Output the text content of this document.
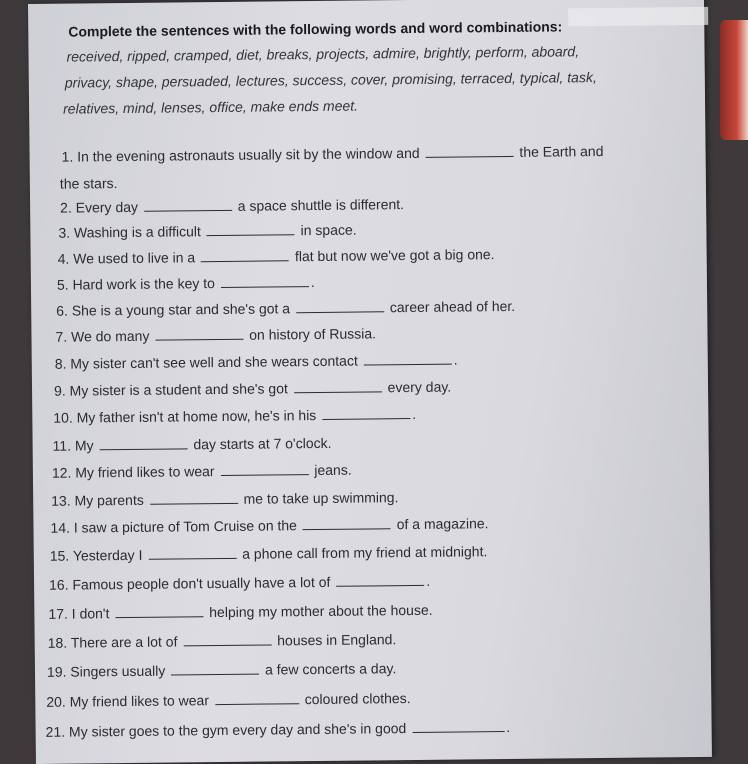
Complete the sentences with the following words and word combinations:
received, ripped, cramped, diet, breaks, projects, admire, brightly, perform, aboard,
privacy, shape, persuaded, lectures, success, cover, promising, terraced, typical, task,
relatives, mind, lenses, office, make ends meet.
1. In the evening astronauts usually sit by the window and	the Earth and
the stars.
2. Every day	a space shuttle is different.
3. Washing is a difficult	in space.
4. We used to live in a	flat but now we've got a big one.
5. Hard work is the key to	.
6. She is a young star and she's got a	career ahead of her.
7. We do many	on history of Russia.
8. My sister can't see well and she wears contact	.
9. My sister is a student and she's got	every day.
10. My father isn't at home now, he's in his	.
11. My	day starts at 7 o'clock.
12. My friend likes to wear	jeans.
13. My parents	me to take up swimming.
14. I saw a picture of Tom Cruise on the	of a magazine.
15. Yesterday I	a phone call from my friend at midnight.
16. Famous people don't usually have a lot of	.
17. I don't	helping my mother about the house.
18. There are a lot of	houses in England.
19. Singers usually	a few concerts a day.
20. My friend likes to wear	coloured clothes.
21. My sister goes to the gym every day and she's in good	.
